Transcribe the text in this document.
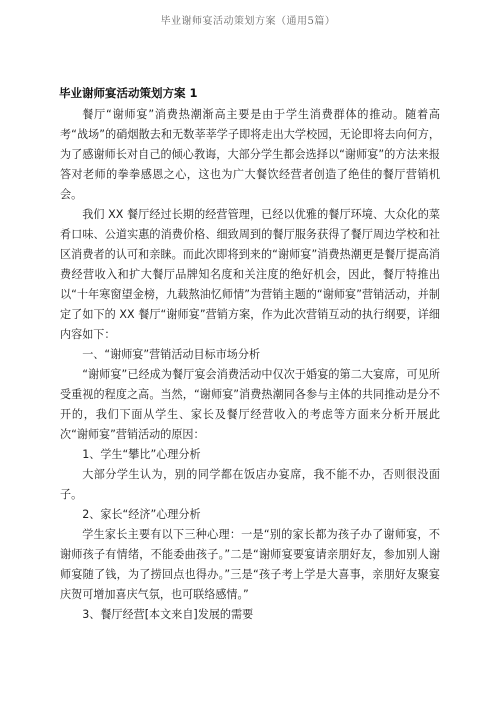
毕业谢师宴活动策划方案（通用5篇）
毕业谢师宴活动策划方案 1

餐厅“谢师宴”消费热潮渐高主要是由于学生消费群体的推动。随着高考“战场”的硝烟散去和无数莘莘学子即将走出大学校园，无论即将去向何方，为了感谢师长对自己的倾心教诲，大部分学生都会选择以“谢师宴”的方法来报答对老师的拳拳感恩之心，这也为广大餐饮经营者创造了绝佳的餐厅营销机会。

我们 XX 餐厅经过长期的经营管理，已经以优雅的餐厅环境、大众化的菜肴口味、公道实惠的消费价格、细致周到的餐厅服务获得了餐厅周边学校和社区消费者的认可和亲睐。而此次即将到来的“谢师宴”消费热潮更是餐厅提高消费经营收入和扩大餐厅品牌知名度和关注度的绝好机会，因此，餐厅特推出以“十年寒窗望金榜，九载熬油忆师情”为营销主题的“谢师宴”营销活动，并制定了如下的 XX 餐厅“谢师宴”营销方案，作为此次营销互动的执行纲要，详细内容如下：

一、“谢师宴”营销活动目标市场分析

“谢师宴”已经成为餐厅宴会消费活动中仅次于婚宴的第二大宴席，可见所受重视的程度之高。当然，“谢师宴”消费热潮同各参与主体的共同推动是分不开的，我们下面从学生、家长及餐厅经营收入的考虑等方面来分析开展此次“谢师宴”营销活动的原因：

1、学生“攀比”心理分析

大部分学生认为，别的同学都在饭店办宴席，我不能不办，否则很没面子。

2、家长“经济”心理分析

学生家长主要有以下三种心理：一是“别的家长都为孩子办了谢师宴，不谢师孩子有情绪，不能委曲孩子。”二是“谢师宴要宴请亲朋好友，参加别人谢师宴随了钱，为了捞回点也得办。”三是“孩子考上学是大喜事，亲朋好友聚宴庆贺可增加喜庆气氛，也可联络感情。”

3、餐厅经营[本文来自]发展的需要
